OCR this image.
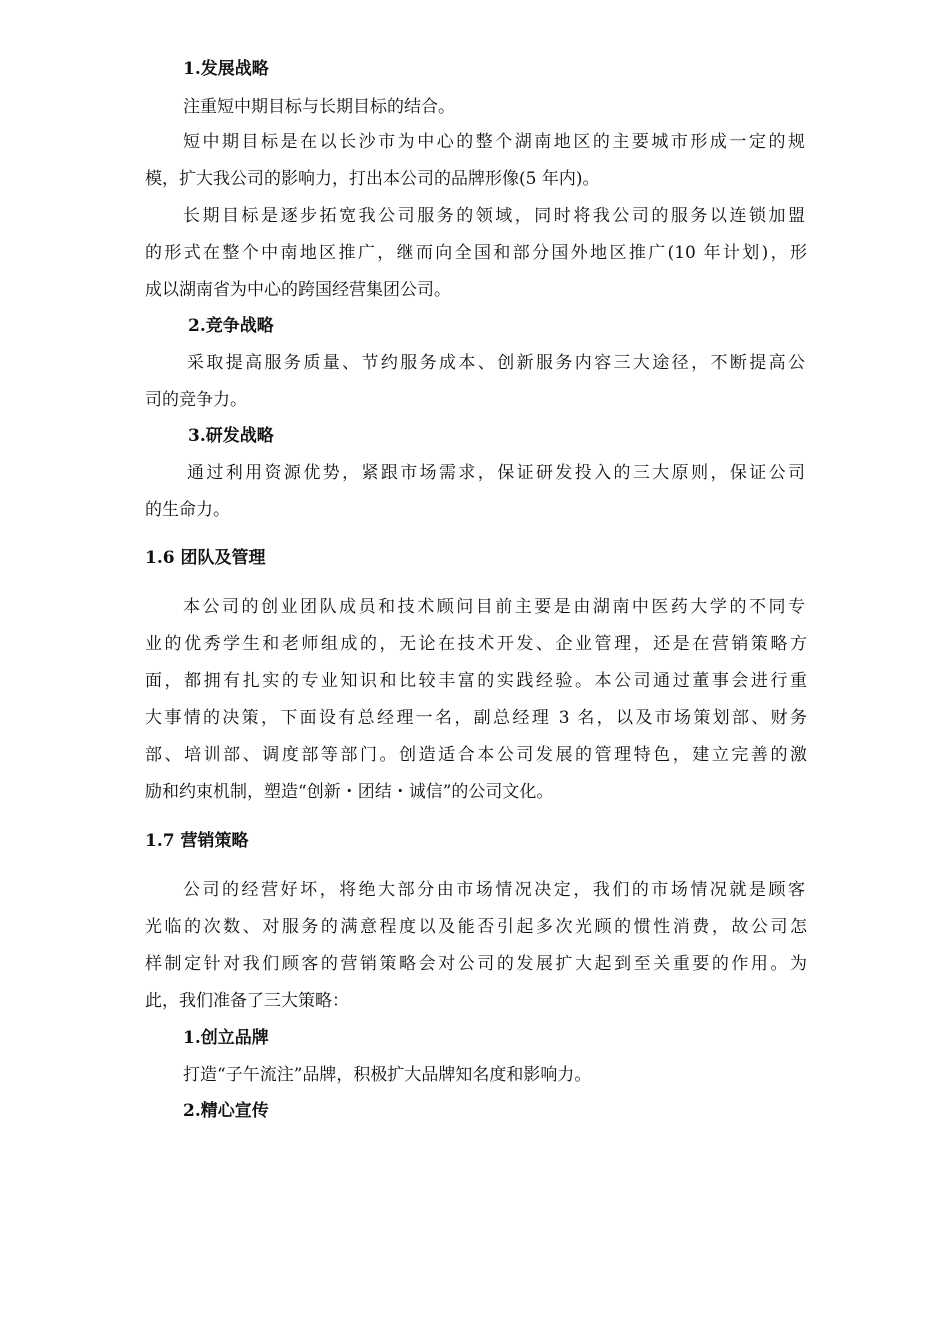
1.发展战略
注重短中期目标与长期目标的结合。
短中期目标是在以长沙市为中心的整个湖南地区的主要城市形成一定的规
模，扩大我公司的影响力，打出本公司的品牌形像(5 年内)。
长期目标是逐步拓宽我公司服务的领域，同时将我公司的服务以连锁加盟
的形式在整个中南地区推广，继而向全国和部分国外地区推广(10 年计划)，形
成以湖南省为中心的跨国经营集团公司。
2.竞争战略
采取提高服务质量、节约服务成本、创新服务内容三大途径，不断提高公
司的竞争力。
3.研发战略
通过利用资源优势，紧跟市场需求，保证研发投入的三大原则，保证公司
的生命力。
1.6 团队及管理
本公司的创业团队成员和技术顾问目前主要是由湖南中医药大学的不同专
业的优秀学生和老师组成的，无论在技术开发、企业管理，还是在营销策略方
面，都拥有扎实的专业知识和比较丰富的实践经验。本公司通过董事会进行重
大事情的决策，下面设有总经理一名，副总经理 3 名，以及市场策划部、财务
部、培训部、调度部等部门。创造适合本公司发展的管理特色，建立完善的激
励和约束机制，塑造“创新・团结・诚信”的公司文化。
1.7 营销策略
公司的经营好坏，将绝大部分由市场情况决定，我们的市场情况就是顾客
光临的次数、对服务的满意程度以及能否引起多次光顾的惯性消费，故公司怎
样制定针对我们顾客的营销策略会对公司的发展扩大起到至关重要的作用。为
此，我们准备了三大策略：
1.创立品牌
打造“子午流注”品牌，积极扩大品牌知名度和影响力。
2.精心宣传
